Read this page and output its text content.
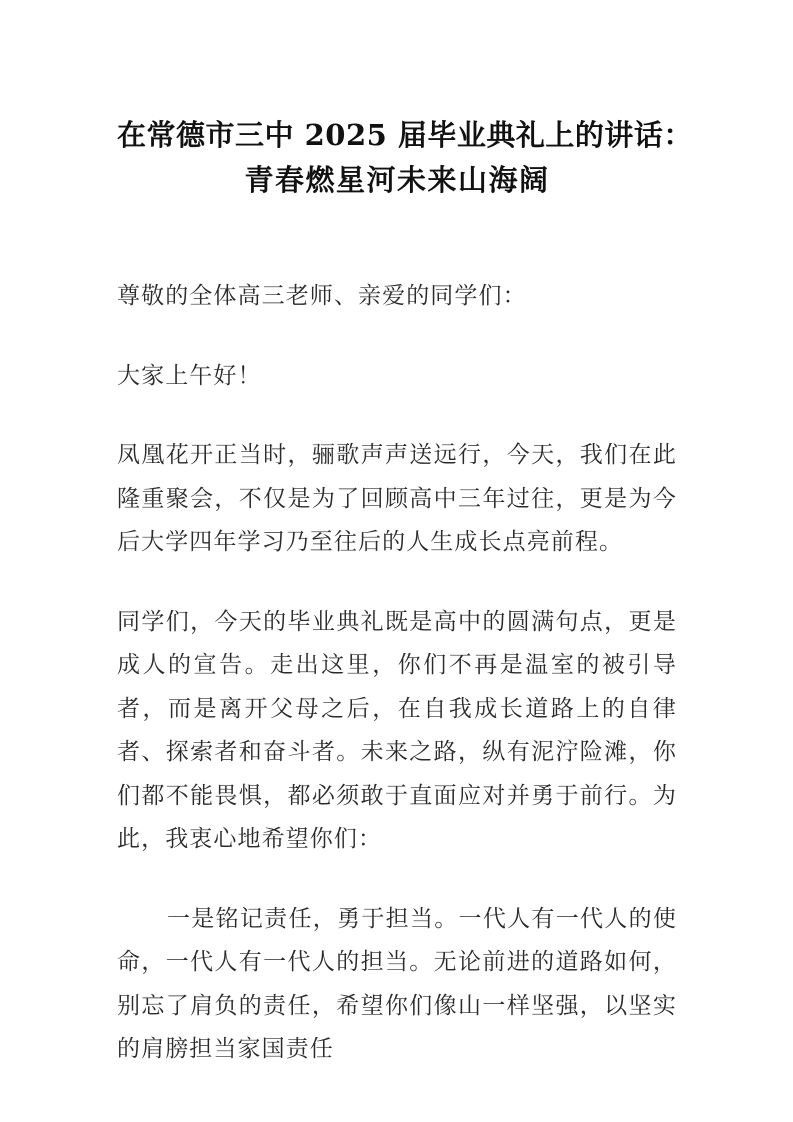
在常德市三中 2025 届毕业典礼上的讲话：
青春燃星河未来山海阔

尊敬的全体高三老师、亲爱的同学们：

大家上午好！

凤凰花开正当时，骊歌声声送远行，今天，我们在此隆重聚会，不仅是为了回顾高中三年过往，更是为今后大学四年学习乃至往后的人生成长点亮前程。

同学们，今天的毕业典礼既是高中的圆满句点，更是成人的宣告。走出这里，你们不再是温室的被引导者，而是离开父母之后，在自我成长道路上的自律者、探索者和奋斗者。未来之路，纵有泥泞险滩，你们都不能畏惧，都必须敢于直面应对并勇于前行。为此，我衷心地希望你们：

一是铭记责任，勇于担当。一代人有一代人的使命，一代人有一代人的担当。无论前进的道路如何，别忘了肩负的责任，希望你们像山一样坚强，以坚实的肩膀担当家国责任
